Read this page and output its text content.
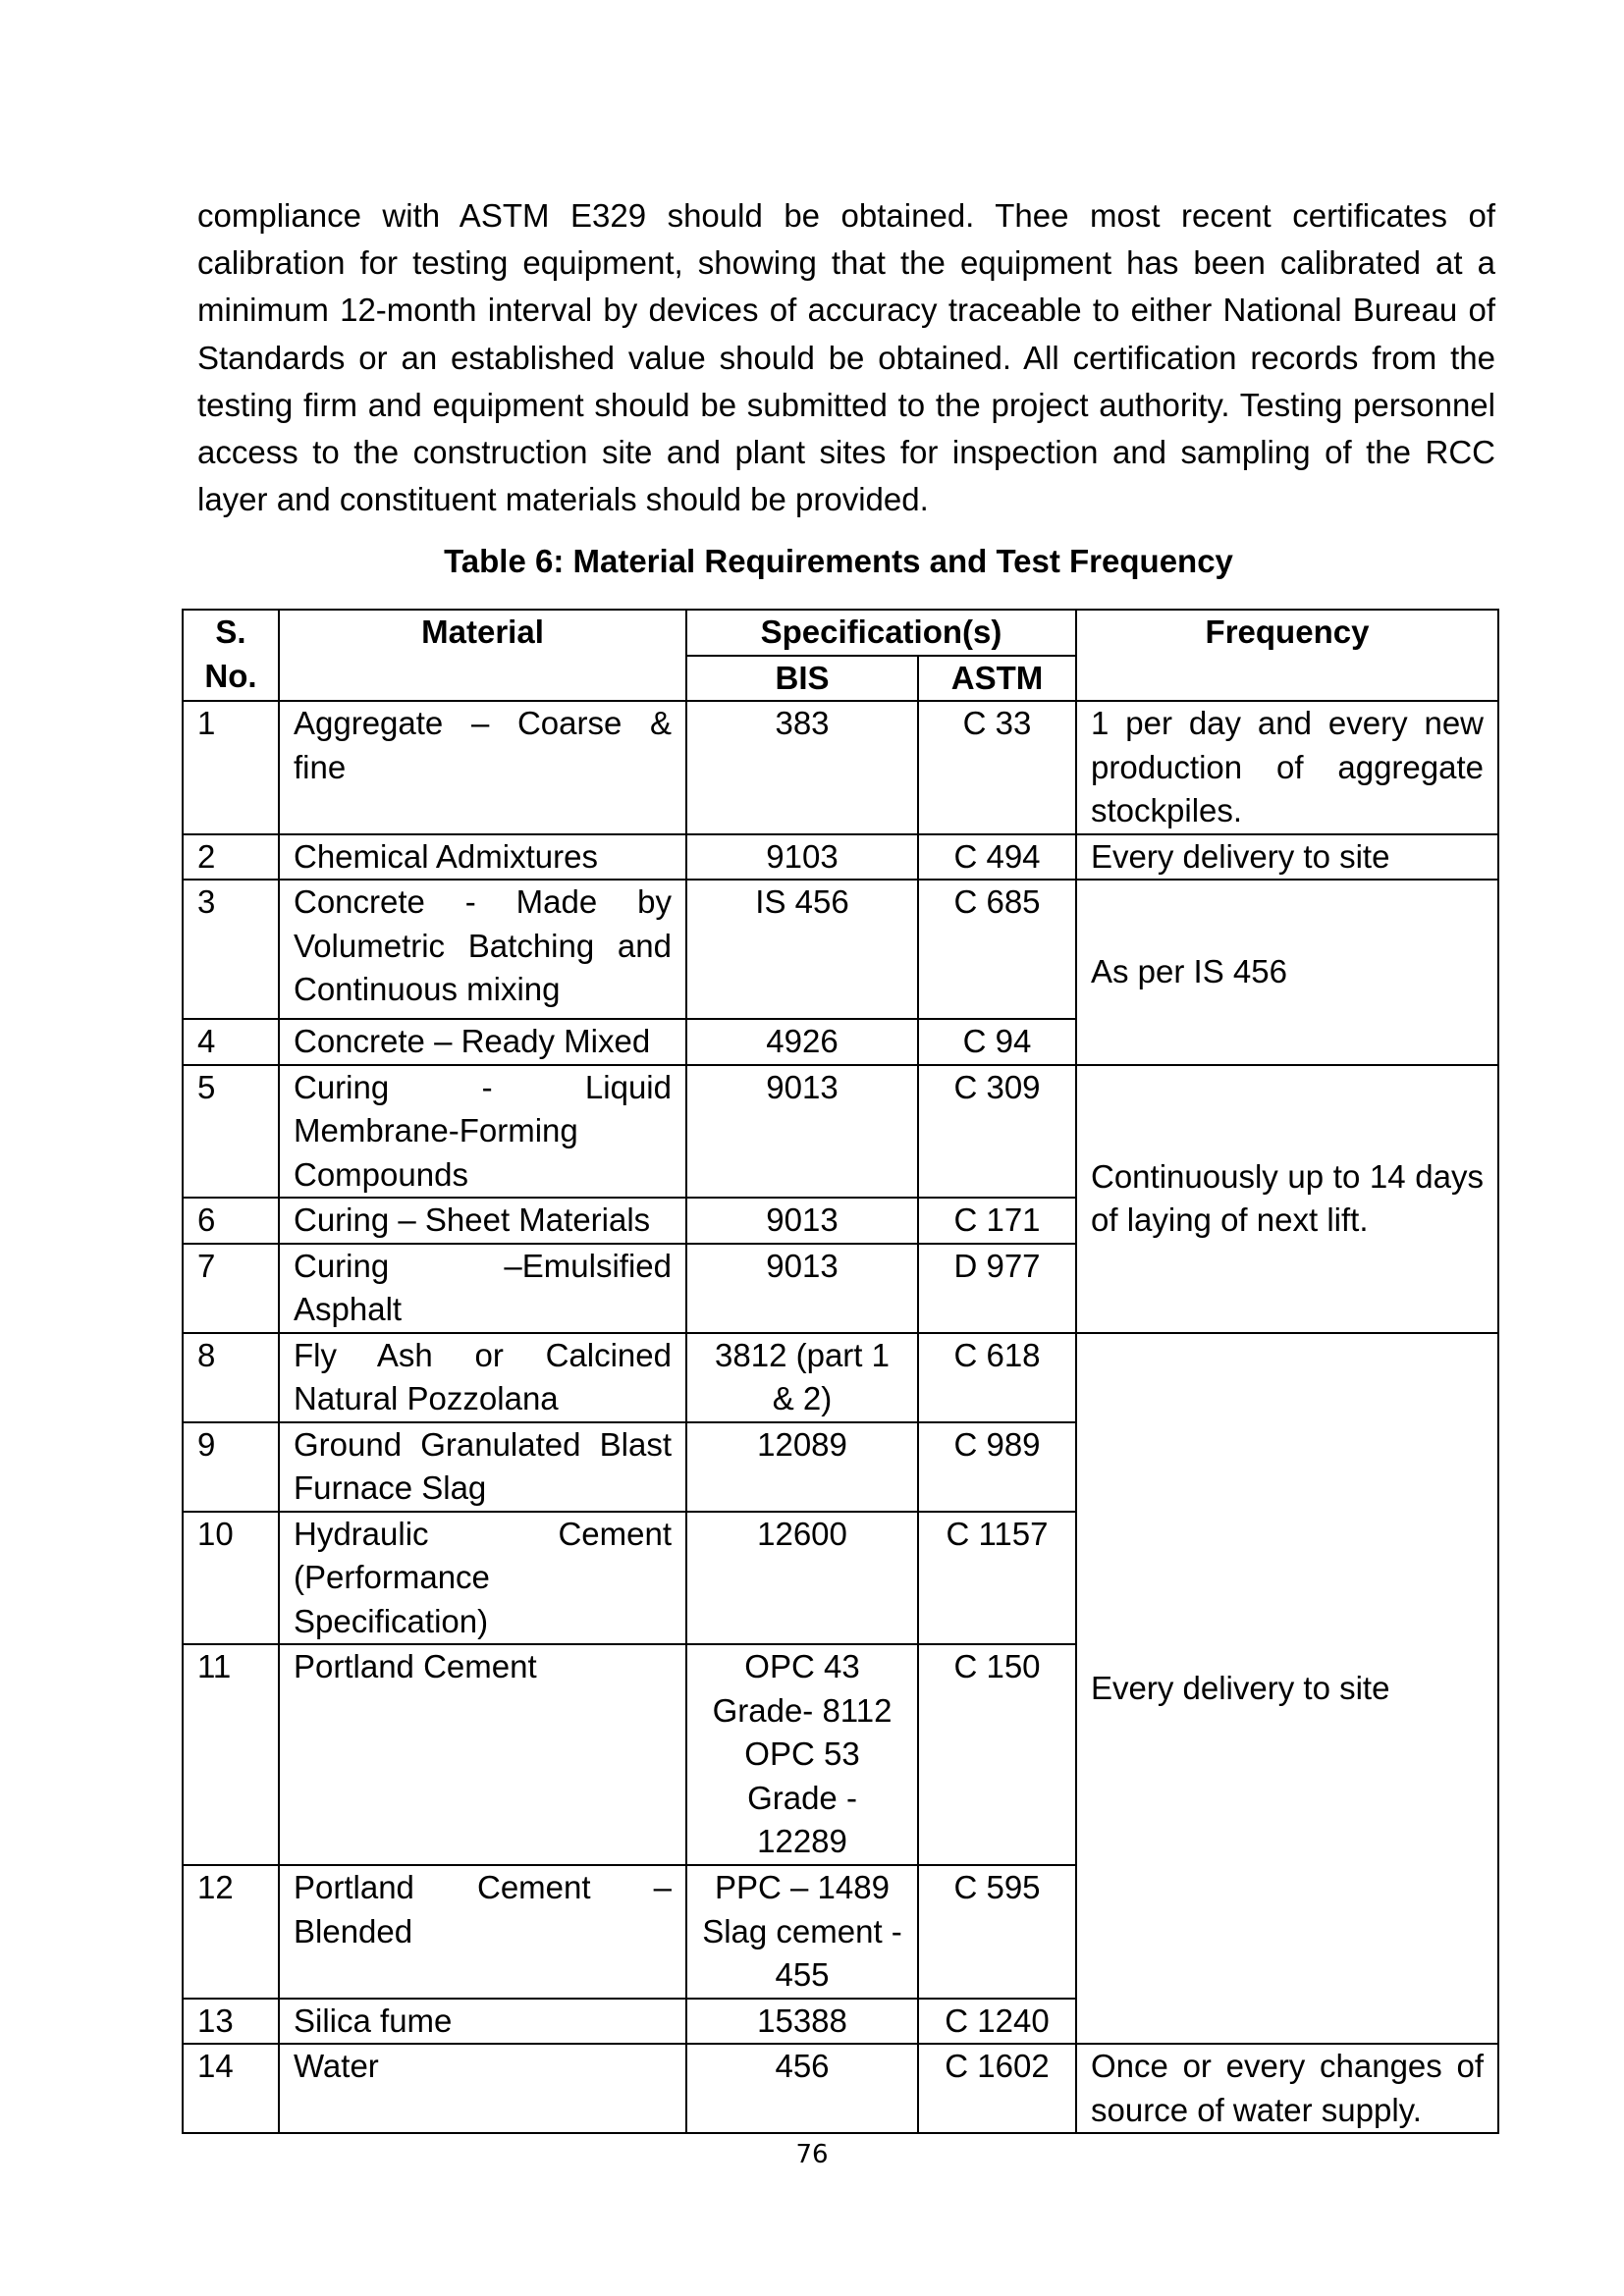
compliance with ASTM E329 should be obtained. Thee most recent certificates of calibration for testing equipment, showing that the equipment has been calibrated at a minimum 12-month interval by devices of accuracy traceable to either National Bureau of Standards or an established value should be obtained. All certification records from the testing firm and equipment should be submitted to the project authority. Testing personnel access to the construction site and plant sites for inspection and sampling of the RCC layer and constituent materials should be provided.

Table 6: Material Requirements and Test Frequency

S. No.	Material	Specification(s)		Frequency
		BIS	ASTM	
1	Aggregate – Coarse & fine	383	C 33	1 per day and every new production of aggregate stockpiles.
2	Chemical Admixtures	9103	C 494	Every delivery to site
3	Concrete - Made by Volumetric Batching and Continuous mixing	IS 456	C 685	As per IS 456
4	Concrete – Ready Mixed	4926	C 94	
5	Curing - Liquid Membrane-Forming Compounds	9013	C 309	Continuously up to 14 days of laying of next lift.
6	Curing – Sheet Materials	9013	C 171	
7	Curing –Emulsified Asphalt	9013	D 977	
8	Fly Ash or Calcined Natural Pozzolana	3812 (part 1 & 2)	C 618	Every delivery to site
9	Ground Granulated Blast Furnace Slag	12089	C 989	
10	Hydraulic Cement (Performance Specification)	12600	C 1157	
11	Portland Cement	OPC 43 Grade- 8112 OPC 53 Grade - 12289	C 150	
12	Portland Cement – Blended	PPC – 1489 Slag cement - 455	C 595	
13	Silica fume	15388	C 1240	
14	Water	456	C 1602	Once or every changes of source of water supply.
76
